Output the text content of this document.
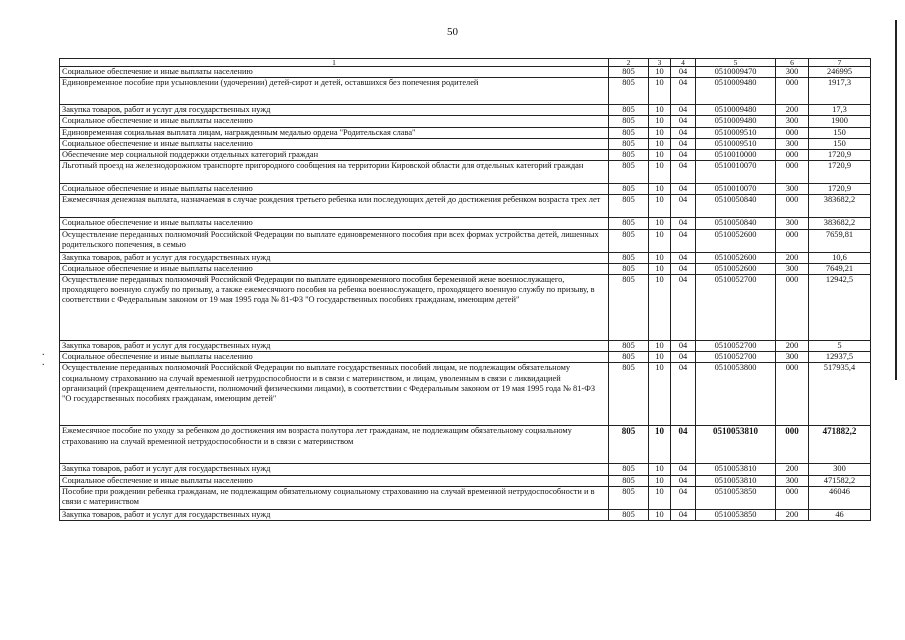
50
.
.
1	2	3	4	5	6	7
Социальное обеспечение и иные выплаты населению	805	10	04	0510009470	300	246995
Единовременное пособие при усыновлении (удочерении) детей-сирот и детей, оставшихся без попечения родителей	805	10	04	0510009480	000	1917,3
Закупка товаров, работ и услуг для государственных нужд	805	10	04	0510009480	200	17,3
Социальное обеспечение и иные выплаты населению	805	10	04	0510009480	300	1900
Единовременная социальная выплата лицам, награжденным медалью ордена "Родительская слава"	805	10	04	0510009510	000	150
Социальное обеспечение и иные выплаты населению	805	10	04	0510009510	300	150
Обеспечение мер социальной поддержки отдельных категорий граждан	805	10	04	0510010000	000	1720,9
Льготный проезд на железнодорожном транспорте пригородного сообщения на территории Кировской области для отдельных категорий граждан	805	10	04	0510010070	000	1720,9
Социальное обеспечение и иные выплаты населению	805	10	04	0510010070	300	1720,9
Ежемесячная денежная выплата, назначаемая в случае рождения третьего ребенка или последующих детей до достижения ребенком возраста трех лет	805	10	04	0510050840	000	383682,2
Социальное обеспечение и иные выплаты населению	805	10	04	0510050840	300	383682,2
Осуществление переданных полномочий Российской Федерации по выплате единовременного пособия при всех формах устройства детей, лишенных родительского попечения, в семью	805	10	04	0510052600	000	7659,81
Закупка товаров, работ и услуг для государственных нужд	805	10	04	0510052600	200	10,6
Социальное обеспечение и иные выплаты населению	805	10	04	0510052600	300	7649,21
Осуществление переданных полномочий Российской Федерации по выплате единовременного пособия беременной жене военнослужащего, проходящего военную службу по призыву, а также ежемесячного пособия на ребенка военнослужащего, проходящего военную службу по призыву, в соответствии с Федеральным законом от 19 мая 1995 года № 81-ФЗ "О государственных пособиях гражданам, имеющим детей"	805	10	04	0510052700	000	12942,5
Закупка товаров, работ и услуг для государственных нужд	805	10	04	0510052700	200	5
Социальное обеспечение и иные выплаты населению	805	10	04	0510052700	300	12937,5
Осуществление переданных полномочий Российской Федерации по выплате государственных пособий лицам, не подлежащим обязательному социальному страхованию на случай временной нетрудоспособности и в связи с материнством, и лицам, уволенным в связи с ликвидацией организаций (прекращением деятельности, полномочий физическими лицами), в соответствии с Федеральным законом от 19 мая 1995 года № 81-ФЗ "О государственных пособиях гражданам, имеющим детей"	805	10	04	0510053800	000	517935,4
Ежемесячное пособие по уходу за ребенком до достижения им возраста полутора лет гражданам, не подлежащим обязательному социальному страхованию на случай временной нетрудоспособности и в связи с материнством	805	10	04	0510053810	000	471882,2
Закупка товаров, работ и услуг для государственных нужд	805	10	04	0510053810	200	300
Социальное обеспечение и иные выплаты населению	805	10	04	0510053810	300	471582,2
Пособие при рождении ребенка гражданам, не подлежащим обязательному социальному страхованию на случай временной нетрудоспособности и в связи с материнством	805	10	04	0510053850	000	46046
Закупка товаров, работ и услуг для государственных нужд	805	10	04	0510053850	200	46
